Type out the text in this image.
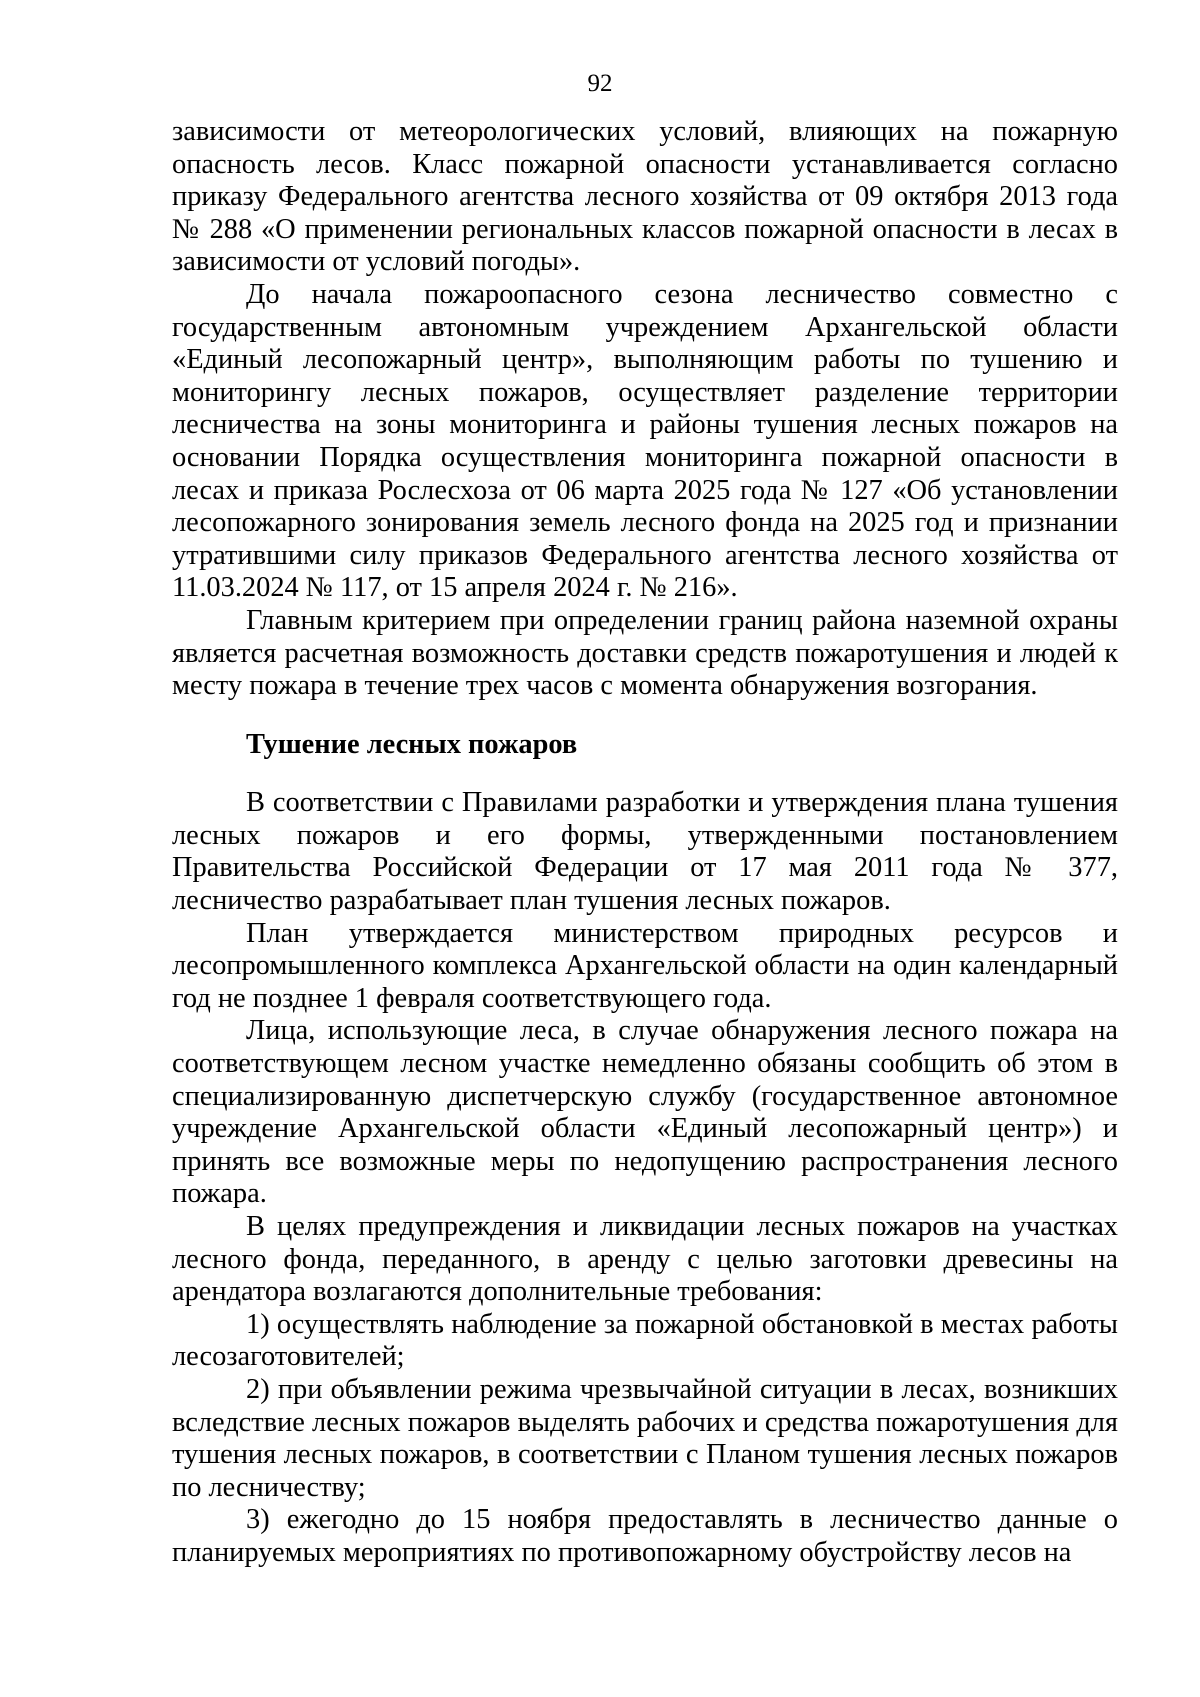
92

зависимости от метеорологических условий, влияющих на пожарную опасность лесов. Класс пожарной опасности устанавливается согласно приказу Федерального агентства лесного хозяйства от 09 октября 2013 года № 288 «О применении региональных классов пожарной опасности в лесах в зависимости от условий погоды».

До начала пожароопасного сезона лесничество совместно с государственным автономным учреждением Архангельской области «Единый лесопожарный центр», выполняющим работы по тушению и мониторингу лесных пожаров, осуществляет разделение территории лесничества на зоны мониторинга и районы тушения лесных пожаров на основании Порядка осуществления мониторинга пожарной опасности в лесах и приказа Рослесхоза от 06 марта 2025 года № 127 «Об установлении лесопожарного зонирования земель лесного фонда на 2025 год и признании утратившими силу приказов Федерального агентства лесного хозяйства от 11.03.2024 № 117, от 15 апреля 2024 г. № 216».

Главным критерием при определении границ района наземной охраны является расчетная возможность доставки средств пожаротушения и людей к месту пожара в течение трех часов с момента обнаружения возгорания.

Тушение лесных пожаров

В соответствии с Правилами разработки и утверждения плана тушения лесных пожаров и его формы, утвержденными постановлением Правительства Российской Федерации от 17 мая 2011 года № 377, лесничество разрабатывает план тушения лесных пожаров.

План утверждается министерством природных ресурсов и лесопромышленного комплекса Архангельской области на один календарный год не позднее 1 февраля соответствующего года.

Лица, использующие леса, в случае обнаружения лесного пожара на соответствующем лесном участке немедленно обязаны сообщить об этом в специализированную диспетчерскую службу (государственное автономное учреждение Архангельской области «Единый лесопожарный центр») и принять все возможные меры по недопущению распространения лесного пожара.

В целях предупреждения и ликвидации лесных пожаров на участках лесного фонда, переданного, в аренду с целью заготовки древесины на арендатора возлагаются дополнительные требования:

1) осуществлять наблюдение за пожарной обстановкой в местах работы лесозаготовителей;

2) при объявлении режима чрезвычайной ситуации в лесах, возникших вследствие лесных пожаров выделять рабочих и средства пожаротушения для тушения лесных пожаров, в соответствии с Планом тушения лесных пожаров по лесничеству;

3) ежегодно до 15 ноября предоставлять в лесничество данные о планируемых мероприятиях по противопожарному обустройству лесов на
